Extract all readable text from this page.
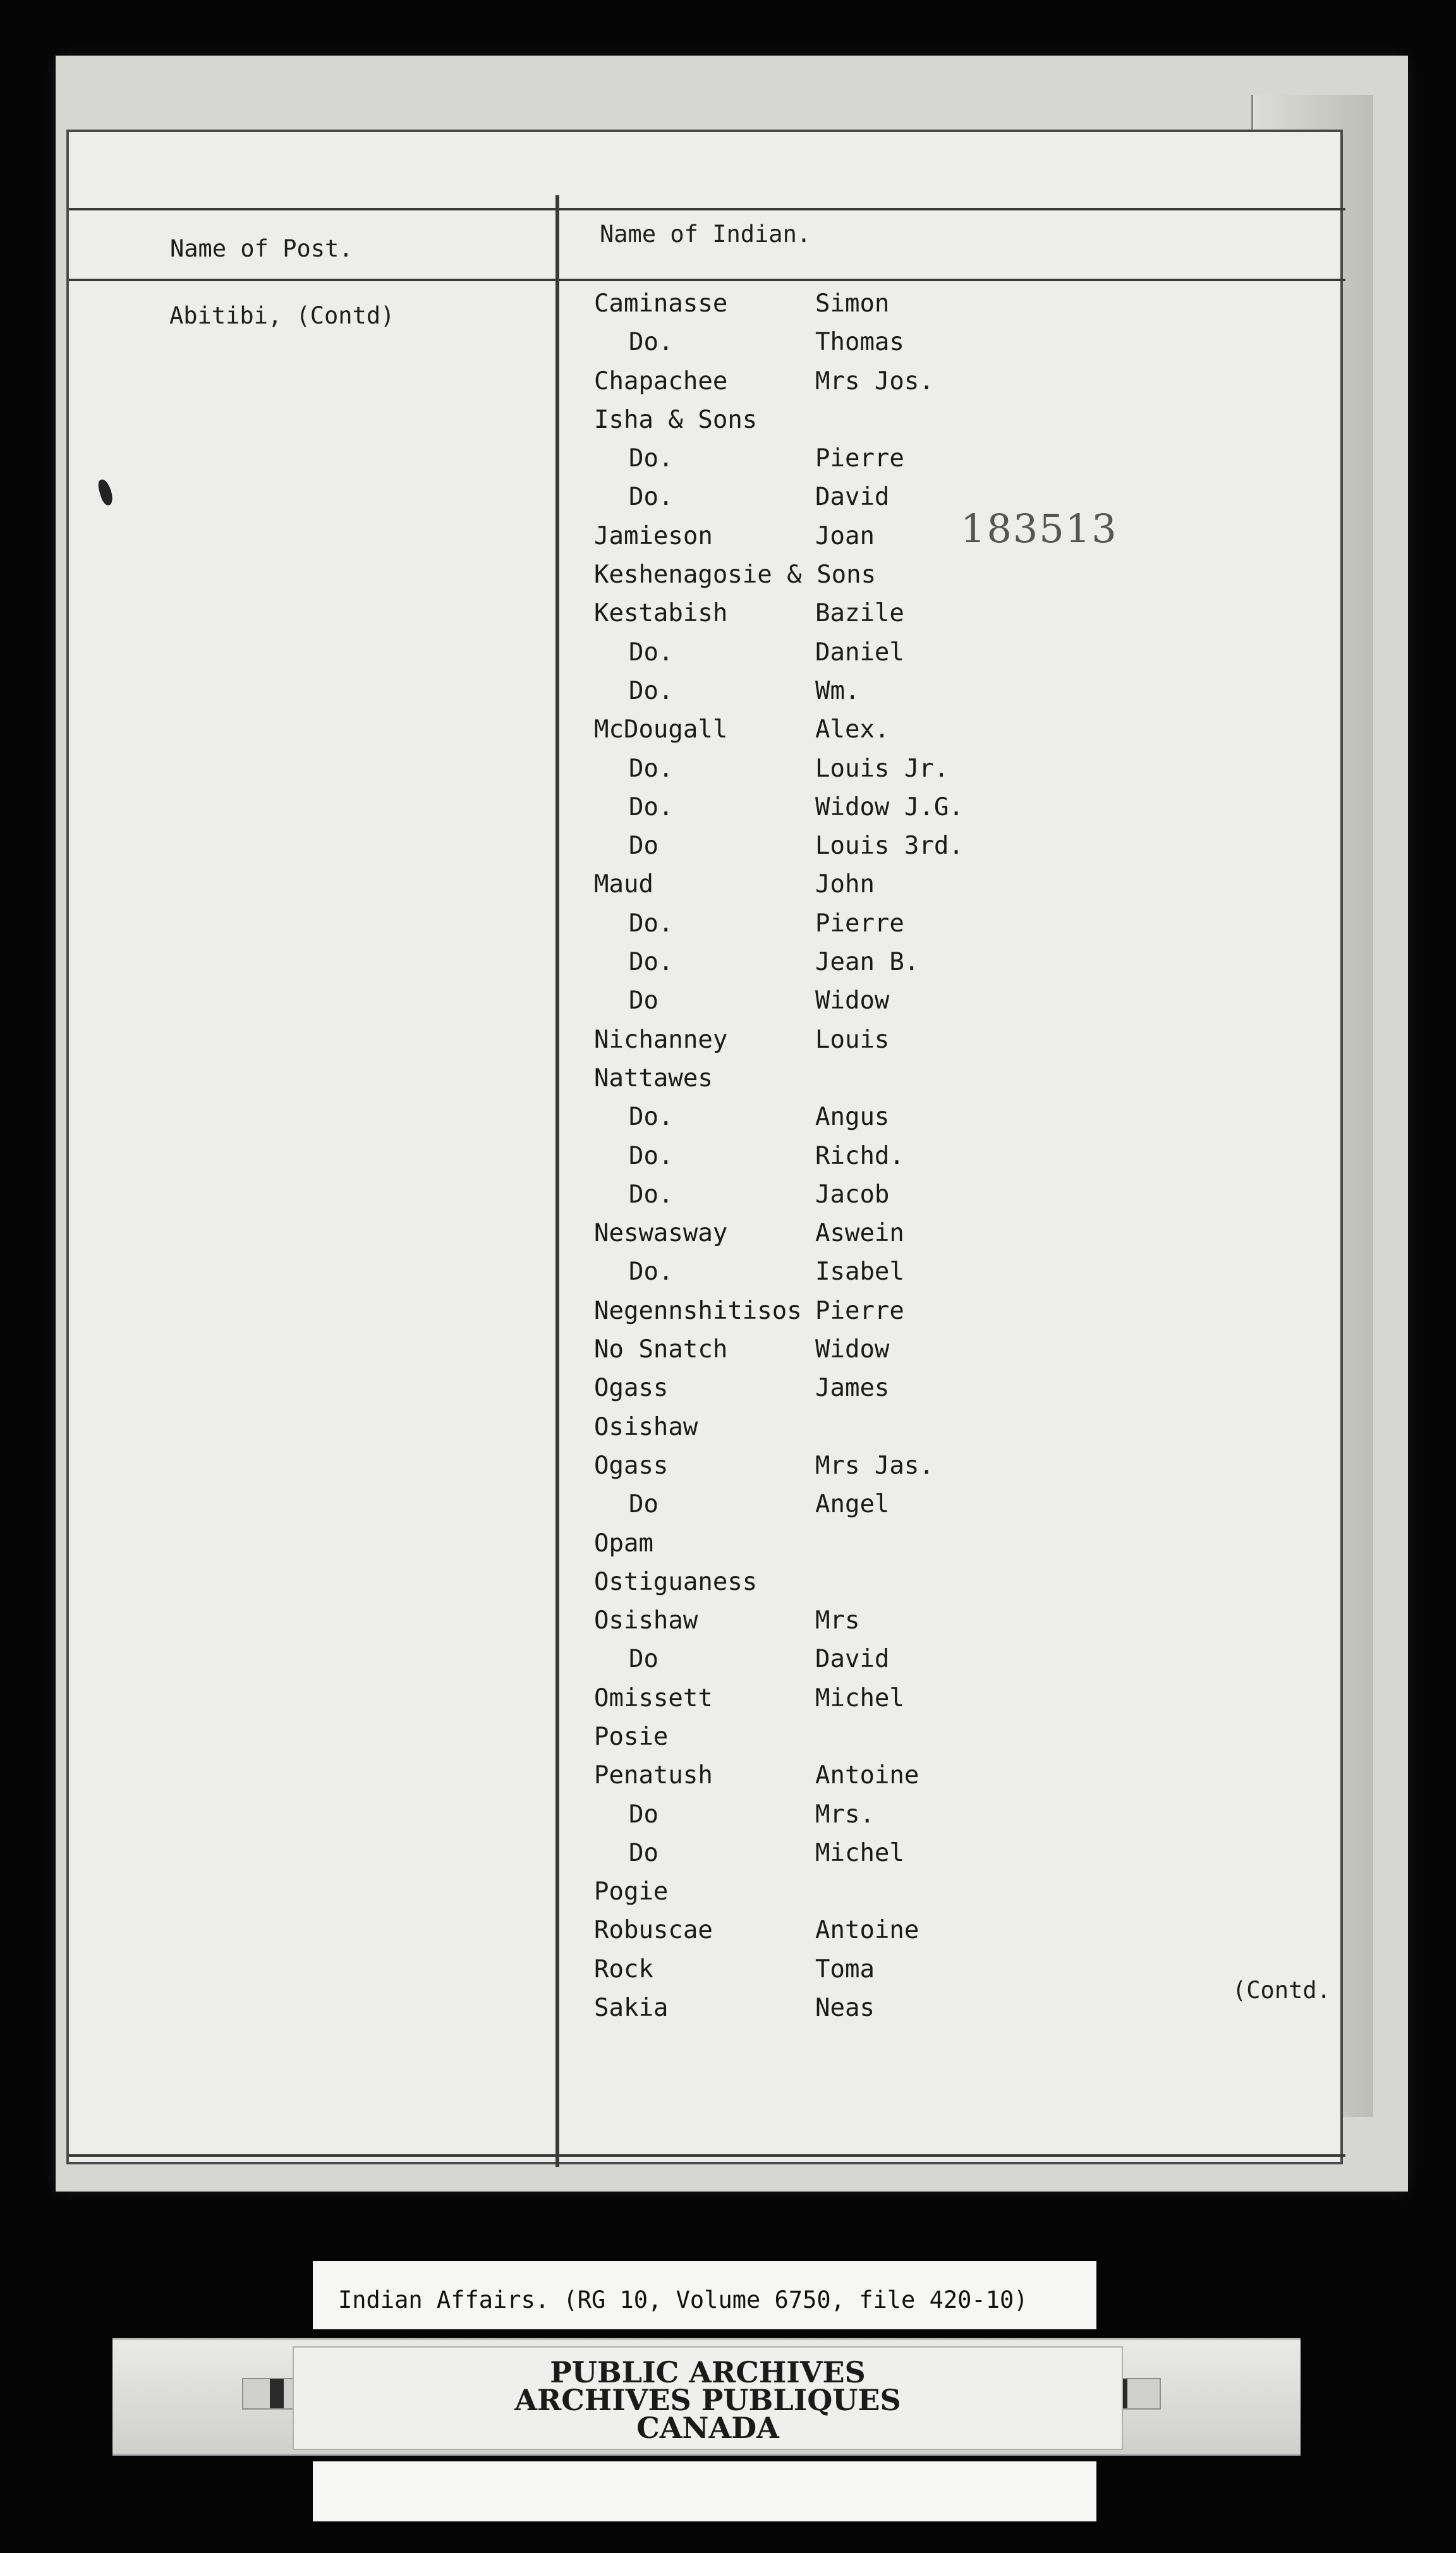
Name of Post.
Name of Indian.
Abitibi, (Contd)	Caminasse	Simon
Do.	Thomas
Chapachee	Mrs Jos.
Isha & Sons
Do.	Pierre
Do.	David
Jamieson	Joan
Keshenagosie & Sons
Kestabish	Bazile
Do.	Daniel
Do.	Wm.
McDougall	Alex.
Do.	Louis Jr.
Do.	Widow J.G.
Do	Louis 3rd.
Maud	John
Do.	Pierre
Do.	Jean B.
Do	Widow
Nichanney	Louis
Nattawes
Do.	Angus
Do.	Richd.
Do.	Jacob
Neswasway	Aswein
Do.	Isabel
Negennshitisos Pierre
No Snatch	Widow
Ogass	James
Osishaw
Ogass	Mrs Jas.
Do	Angel
Opam
Ostiguaness
Osishaw	Mrs
Do	David
Omissett	Michel
Posie
Penatush	Antoine
Do	Mrs.
Do	Michel
Pogie
Robuscae	Antoine
Rock	Toma
Sakia	Neas
183513
(Contd.
Indian Affairs. (RG 10, Volume 6750, file 420-10)
PUBLIC ARCHIVES
ARCHIVES PUBLIQUES
CANADA
